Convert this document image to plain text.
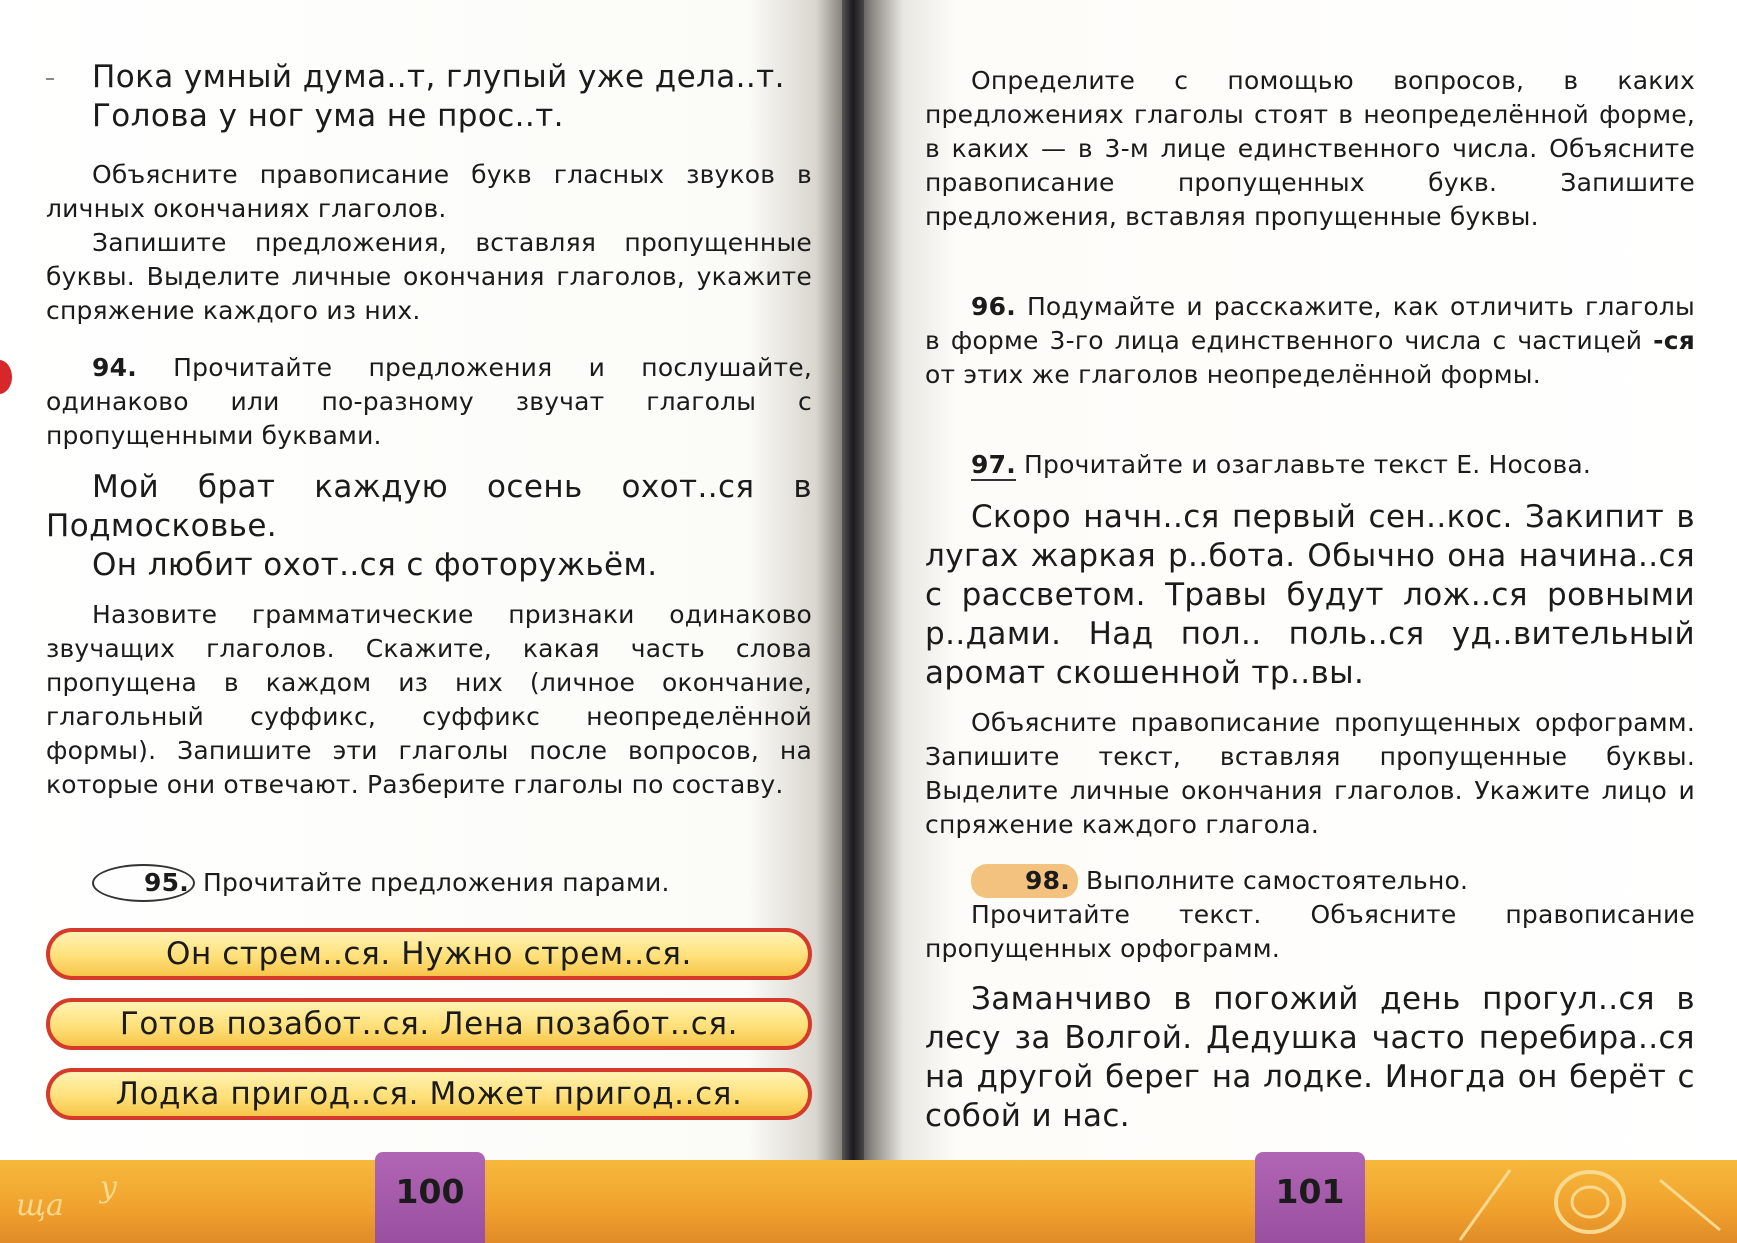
Пока умный дума..т, глупый уже дела..т.

Голова у ног ума не прос..т.

Объясните правописание букв гласных звуков в личных окончаниях глаголов.

Запишите предложения, вставляя пропущенные буквы. Выделите личные окончания глаголов, укажите спряжение каждого из них.

94. Прочитайте предложения и послушайте, одинаково или по-разному звучат глаголы с пропущенными буквами.

Мой брат каждую осень охот..ся в Подмосковье.

Он любит охот..ся с фоторужьём.

Назовите грамматические признаки одинаково звучащих глаголов. Скажите, какая часть слова пропущена в каждом из них (личное окончание, глагольный суффикс, суффикс неопределённой формы). Запишите эти глаголы после вопросов, на которые они отвечают. Разберите глаголы по составу.

95. Прочитайте предложения парами.

Он стрем..ся. Нужно стрем..ся.
Готов позабот..ся. Лена позабот..ся.
Лодка пригод..ся. Может пригод..ся.

Определите с помощью вопросов, в каких предложениях глаголы стоят в неопределённой форме, в каких — в 3-м лице единственного числа. Объясните правописание пропущенных букв. Запишите предложения, вставляя пропущенные буквы.

96. Подумайте и расскажите, как отличить глаголы в форме 3-го лица единственного числа с частицей -ся от этих же глаголов неопределённой формы.

97. Прочитайте и озаглавьте текст Е. Носова.

Скоро начн..ся первый сен..кос. Закипит в лугах жаркая р..бота. Обычно она начина..ся с рассветом. Травы будут лож..ся ровными р..дами. Над пол.. поль..ся уд..вительный аромат скошенной тр..вы.

Объясните правописание пропущенных орфограмм. Запишите текст, вставляя пропущенные буквы. Выделите личные окончания глаголов. Укажите лицо и спряжение каждого глагола.

98. Выполните самостоятельно.

Прочитайте текст. Объясните правописание пропущенных орфограмм.

Заманчиво в погожий день прогул..ся в лесу за Волгой. Дедушка часто перебира..ся на другой берег на лодке. Иногда он берёт с собой и нас.

ща
у	100	101
